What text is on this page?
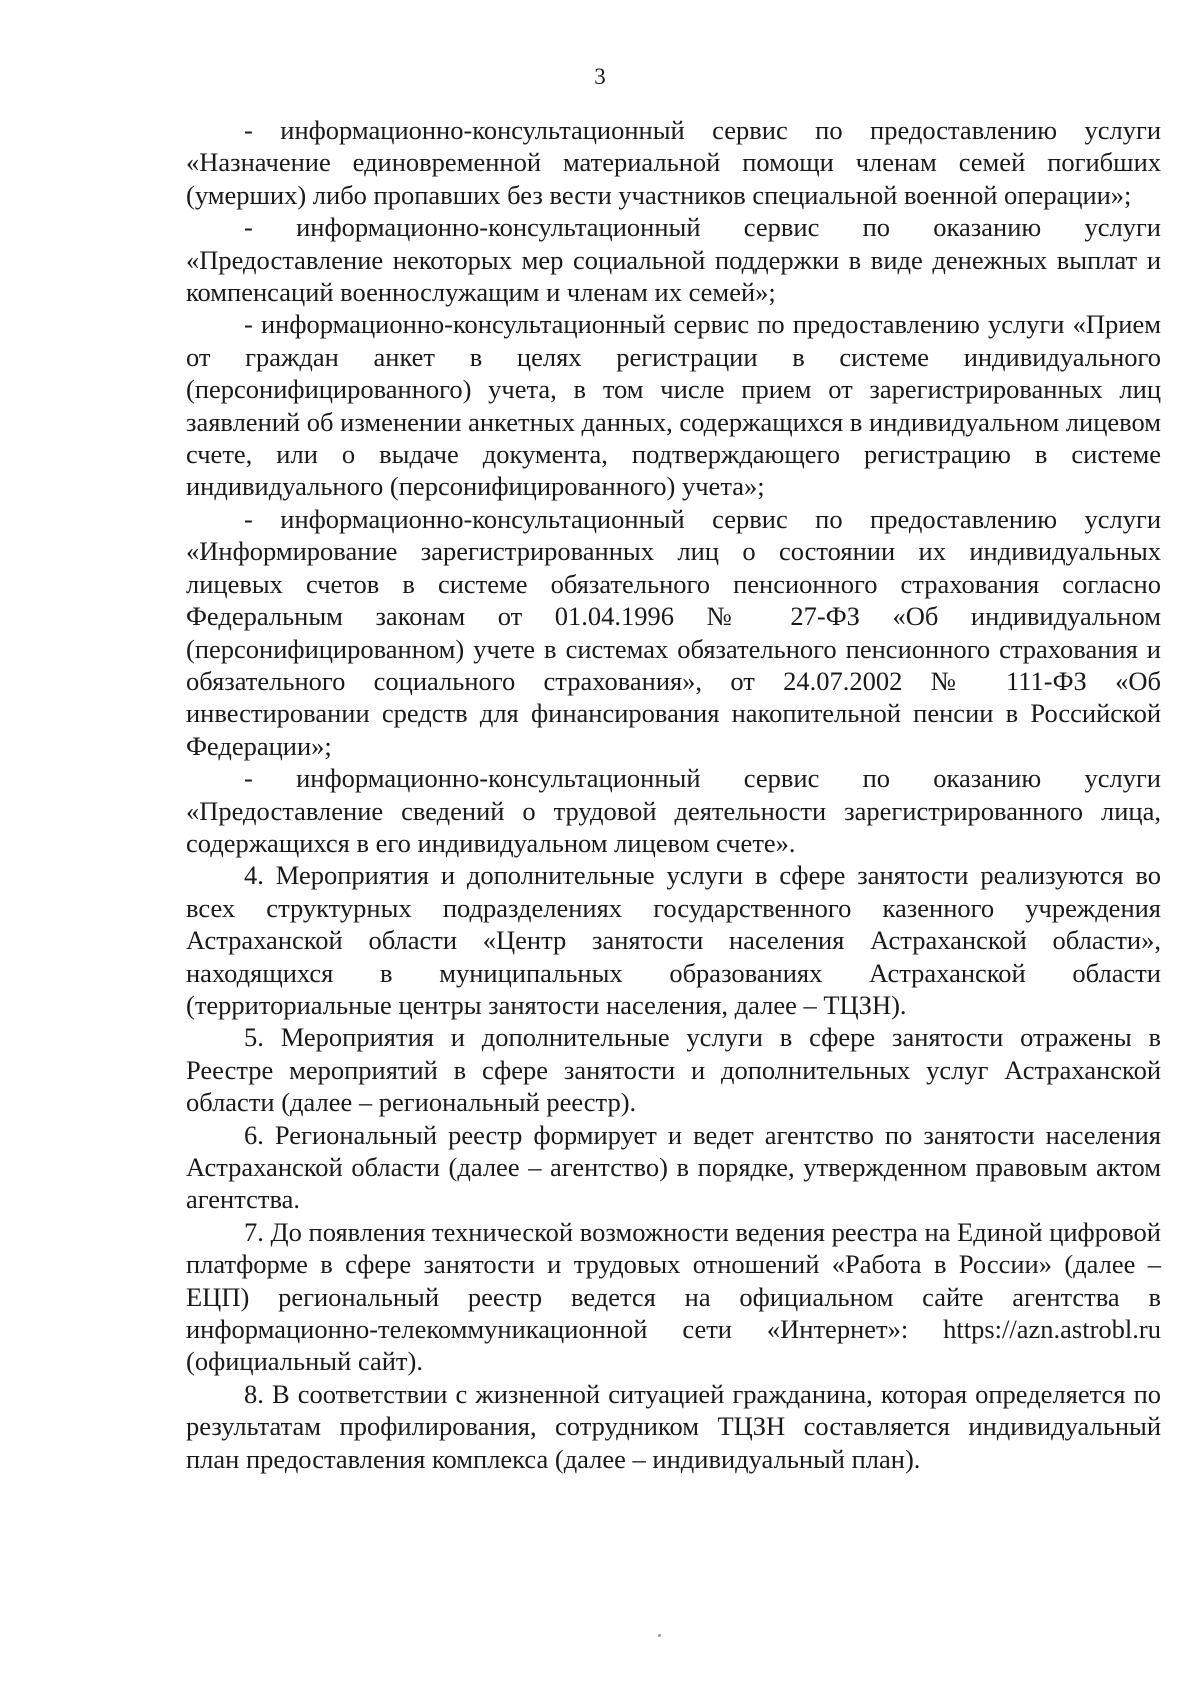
3

- информационно-консультационный сервис по предоставлению услуги «Назначение единовременной материальной помощи членам семей погибших (умерших) либо пропавших без вести участников специальной военной операции»;

- информационно-консультационный сервис по оказанию услуги «Предоставление некоторых мер социальной поддержки в виде денежных выплат и компенсаций военнослужащим и членам их семей»;

- информационно-консультационный сервис по предоставлению услуги «Прием от граждан анкет в целях регистрации в системе индивидуального (персонифицированного) учета, в том числе прием от зарегистрированных лиц заявлений об изменении анкетных данных, содержащихся в индивидуальном лицевом счете, или о выдаче документа, подтверждающего регистрацию в системе индивидуального (персонифицированного) учета»;

- информационно-консультационный сервис по предоставлению услуги «Информирование зарегистрированных лиц о состоянии их индивидуальных лицевых счетов в системе обязательного пенсионного страхования согласно Федеральным законам от 01.04.1996 № 27-ФЗ «Об индивидуальном (персонифицированном) учете в системах обязательного пенсионного страхования и обязательного социального страхования», от 24.07.2002 № 111-ФЗ «Об инвестировании средств для финансирования накопительной пенсии в Российской Федерации»;

- информационно-консультационный сервис по оказанию услуги «Предоставление сведений о трудовой деятельности зарегистрированного лица, содержащихся в его индивидуальном лицевом счете».

4. Мероприятия и дополнительные услуги в сфере занятости реализуются во всех структурных подразделениях государственного казенного учреждения Астраханской области «Центр занятости населения Астраханской области», находящихся в муниципальных образованиях Астраханской области (территориальные центры занятости населения, далее – ТЦЗН).

5. Мероприятия и дополнительные услуги в сфере занятости отражены в Реестре мероприятий в сфере занятости и дополнительных услуг Астраханской области (далее – региональный реестр).

6. Региональный реестр формирует и ведет агентство по занятости населения Астраханской области (далее – агентство) в порядке, утвержденном правовым актом агентства.

7. До появления технической возможности ведения реестра на Единой цифровой платформе в сфере занятости и трудовых отношений «Работа в России» (далее – ЕЦП) региональный реестр ведется на официальном сайте агентства в информационно-телекоммуникационной сети «Интернет»: https://azn.astrobl.ru (официальный сайт).

8. В соответствии с жизненной ситуацией гражданина, которая определяется по результатам профилирования, сотрудником ТЦЗН составляется индивидуальный план предоставления комплекса (далее – индивидуальный план).
